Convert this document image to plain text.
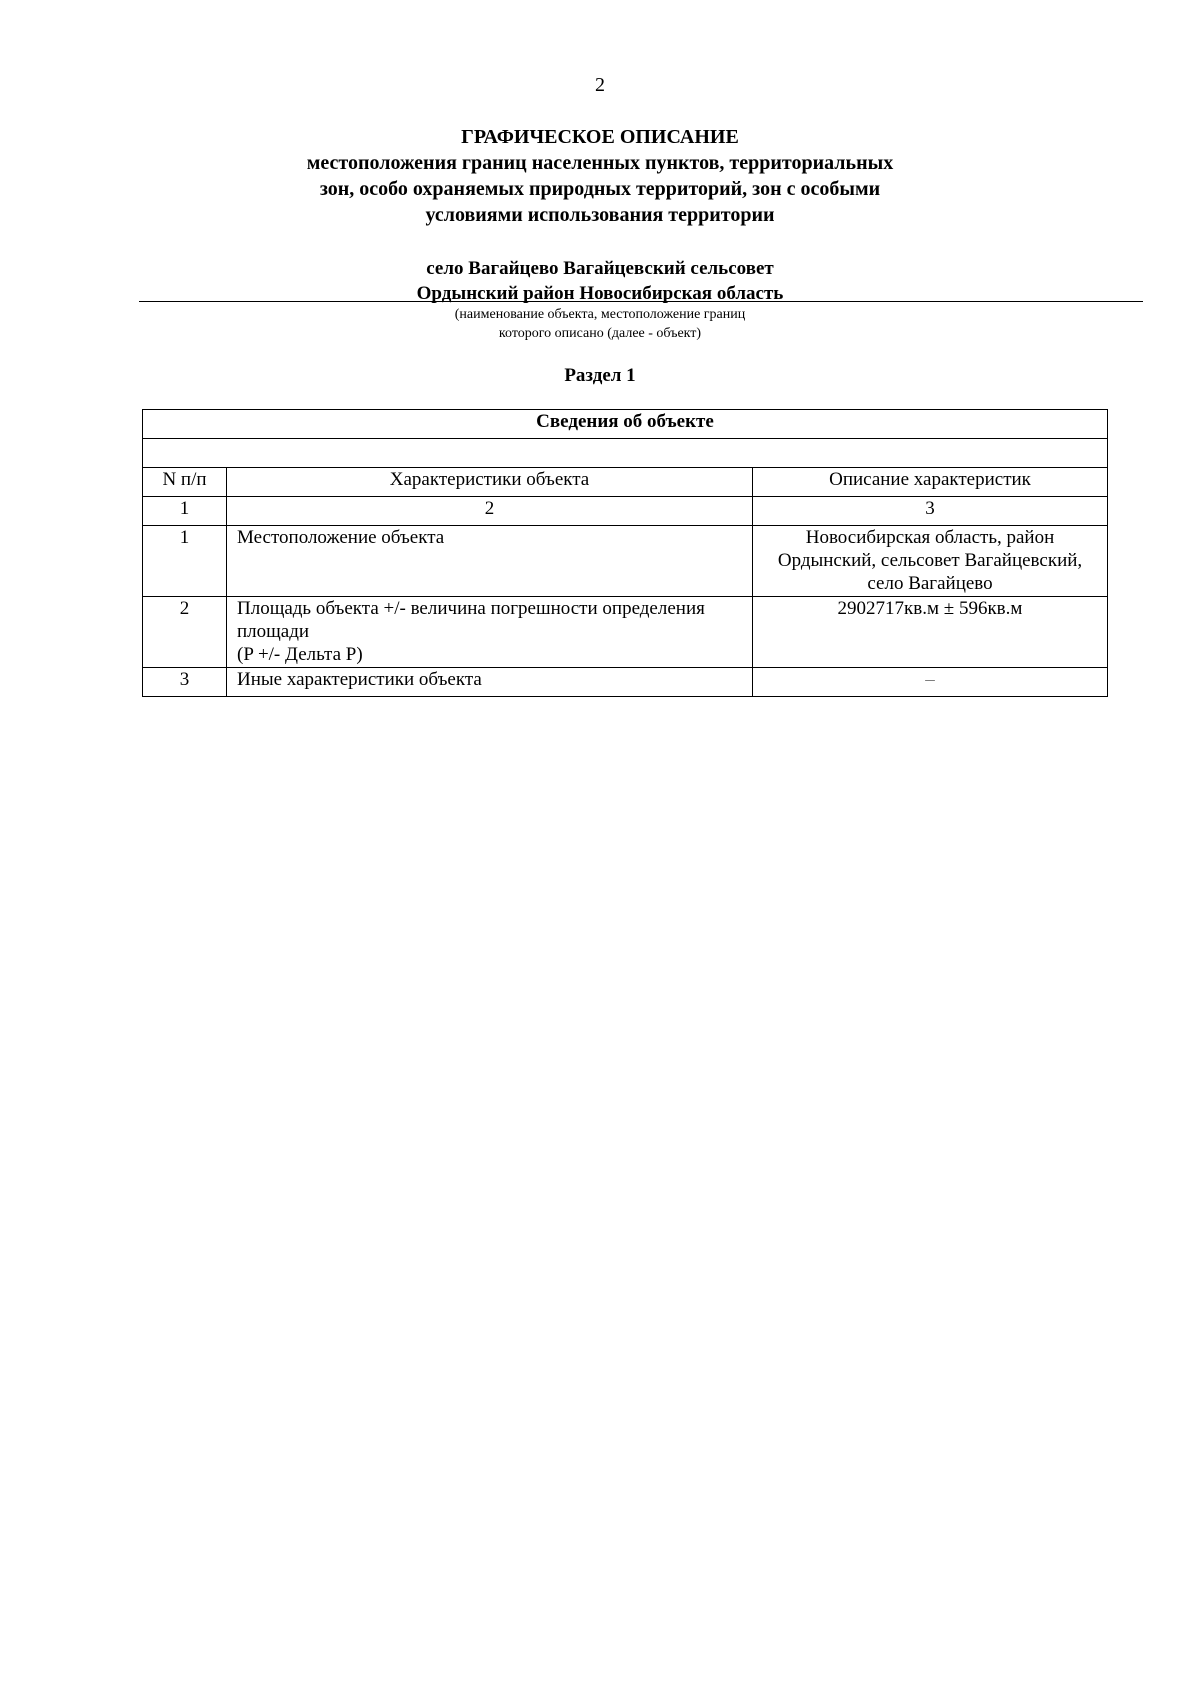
2
ГРАФИЧЕСКОЕ ОПИСАНИЕ
местоположения границ населенных пунктов, территориальных
зон, особо охраняемых природных территорий, зон с особыми
условиями использования территории
село Вагайцево Вагайцевский сельсовет
Ордынский район Новосибирская область
(наименование объекта, местоположение границ
которого описано (далее - объект)
Раздел 1
Сведения об объекте		

N п/п	Характеристики объекта	Описание характеристик
1	2	3
1	Местоположение объекта	Новосибирская область, район
Ордынский, сельсовет Вагайцевский,
село Вагайцево

2	Площадь объекта +/- величина погрешности определения
площади
(P +/- Дельта P)	2902717кв.м ± 596кв.м

3	Иные характеристики объекта	–
